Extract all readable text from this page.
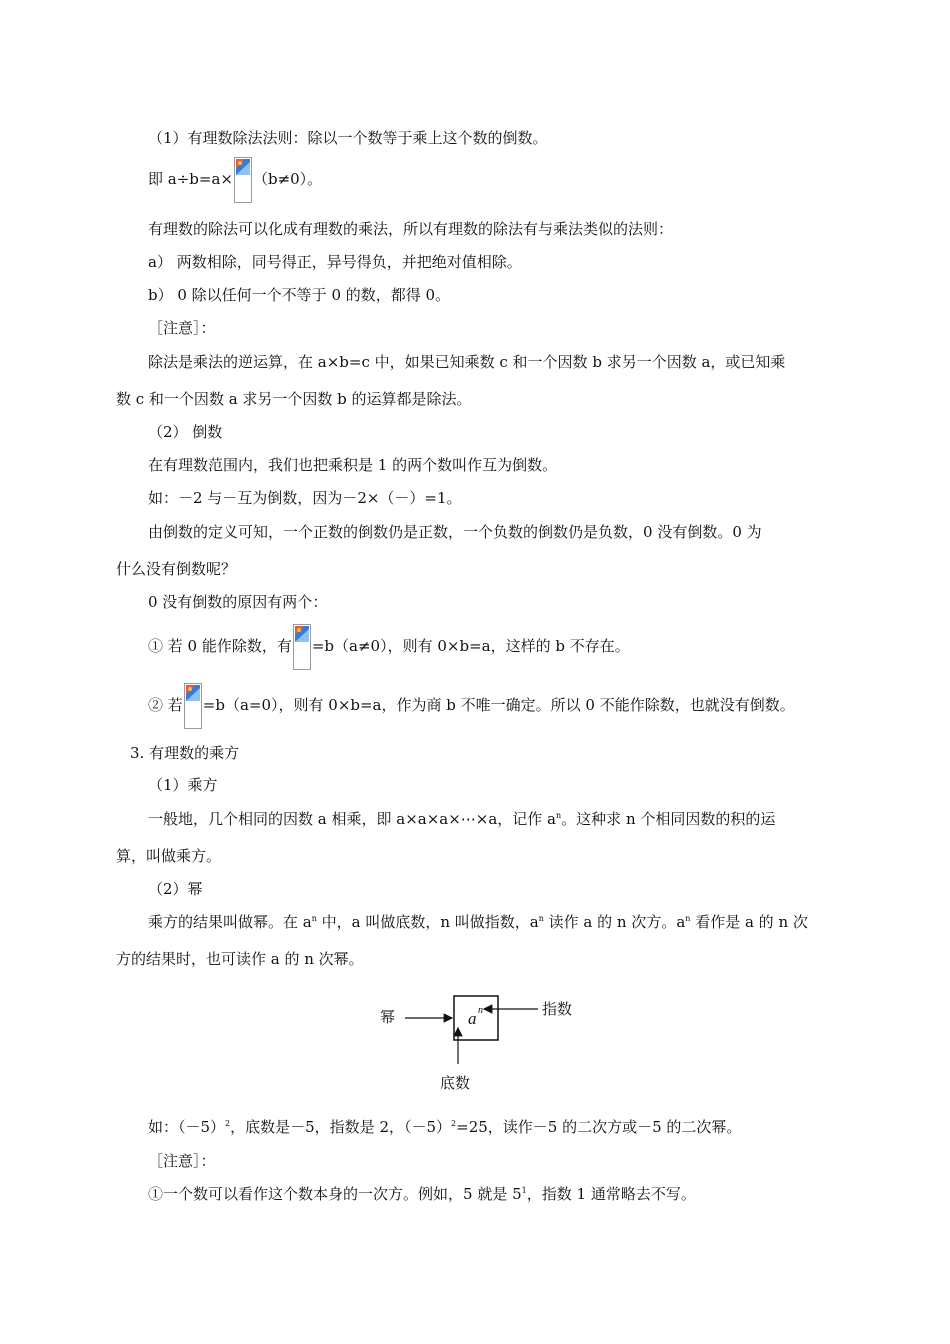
（1）有理数除法法则：除以一个数等于乘上这个数的倒数。
即 a÷b=a× （b≠0）。
有理数的除法可以化成有理数的乘法，所以有理数的除法有与乘法类似的法则：
a） 两数相除，同号得正，异号得负，并把绝对值相除。
b） 0 除以任何一个不等于 0 的数，都得 0。
［注意］：
除法是乘法的逆运算，在 a×b=c 中，如果已知乘数 c 和一个因数 b 求另一个因数 a，或已知乘
数 c 和一个因数 a 求另一个因数 b 的运算都是除法。
（2） 倒数
在有理数范围内，我们也把乘积是 1 的两个数叫作互为倒数。
如：－2 与－互为倒数，因为－2×（－）=1。
由倒数的定义可知，一个正数的倒数仍是正数，一个负数的倒数仍是负数，0 没有倒数。0 为
什么没有倒数呢？
0 没有倒数的原因有两个：
① 若 0 能作除数，有 =b（a≠0），则有 0×b=a，这样的 b 不存在。
② 若 =b（a=0），则有 0×b=a，作为商 b 不唯一确定。所以 0 不能作除数，也就没有倒数。
3. 有理数的乘方
（1）乘方
一般地，几个相同的因数 a 相乘，即 a×a×a×⋯×a，记作 $a^n$。这种求 n 个相同因数的积的运
算，叫做乘方。
（2）幂
乘方的结果叫做幂。在 $a^n$ 中，a 叫做底数，n 叫做指数，$a^n$ 读作 a 的 n 次方。$a^n$ 看作是 a 的 n 次
方的结果时，也可读作 a 的 n 次幂。
a n
幂	指数
底数
如：$(-5)^2$，底数是－5，指数是 2，$(-5)^2=25$，读作－5 的二次方或－5 的二次幂。
［注意］：
①一个数可以看作这个数本身的一次方。例如，5 就是 $5^1$，指数 1 通常略去不写。
